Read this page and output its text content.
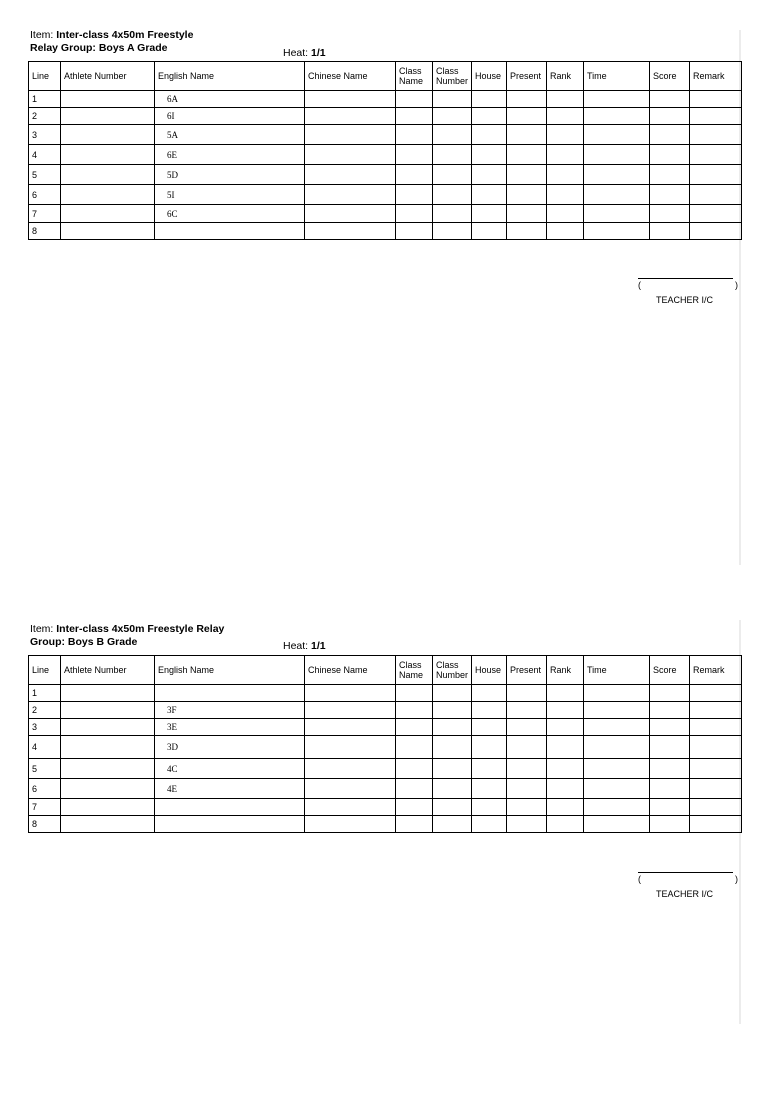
Item: Inter-class 4x50m Freestyle
Relay Group: Boys A Grade	Heat: 1/1
Line	Athlete Number	English Name	Chinese Name	Class Name	Class Number	House	Present	Rank	Time	Score	Remark
1		6A									
2		6I									
3		5A									
4		6E									
5		5D									
6		5I									
7		6C									
8											
(	)
TEACHER I/C
Item: Inter-class 4x50m Freestyle Relay
Group: Boys B Grade	Heat: 1/1
Line	Athlete Number	English Name	Chinese Name	Class Name	Class Number	House	Present	Rank	Time	Score	Remark
1											
2		3F									
3		3E									
4		3D									
5		4C									
6		4E									
7											
8											
(	)
TEACHER I/C
